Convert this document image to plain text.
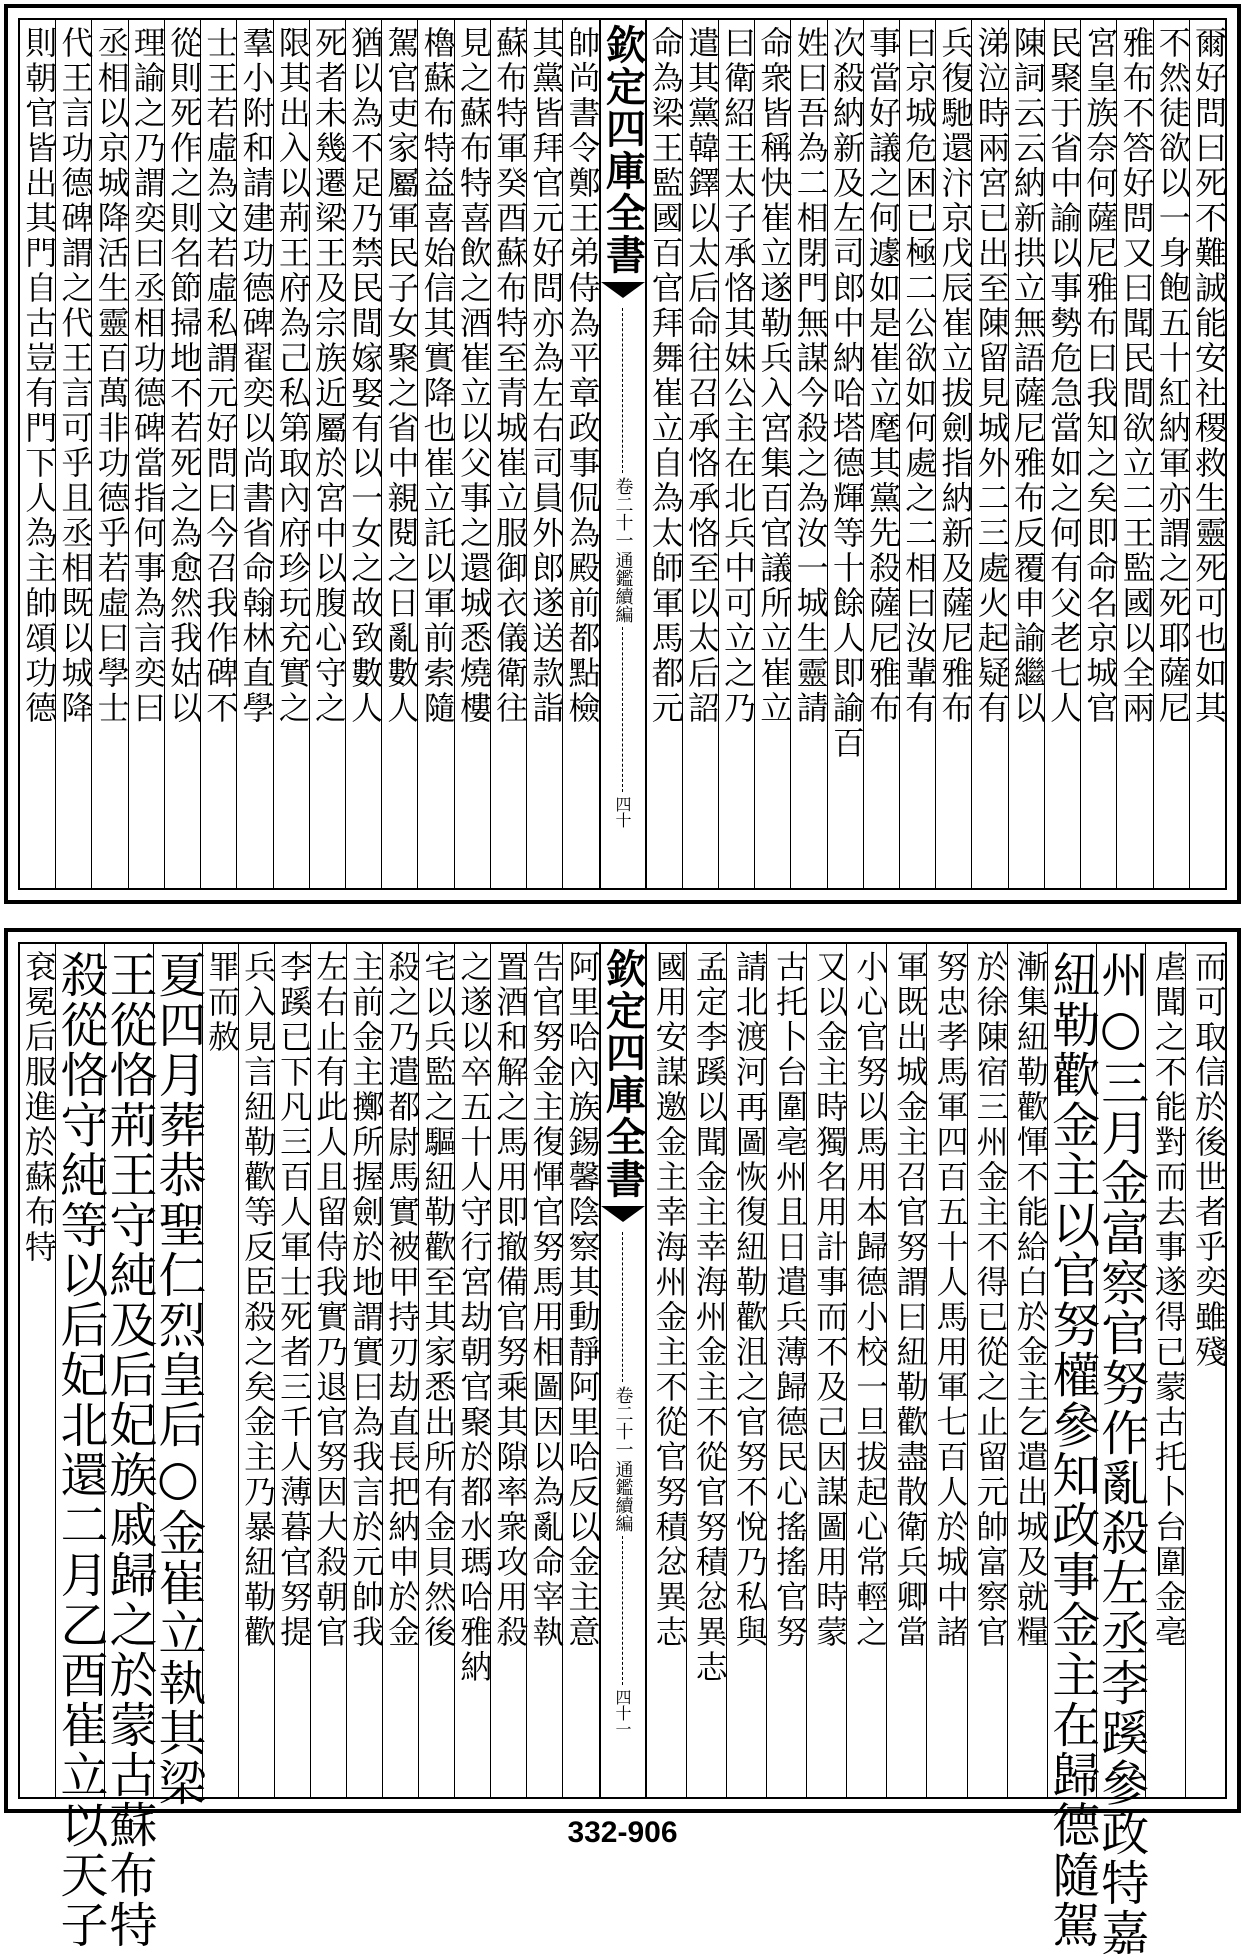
爾好問曰死不難誠能安社稷救生靈死可也如其
不然徒欲以一身飽五十紅納軍亦謂之死耶薩尼
雅布不答好問又曰聞民間欲立二王監國以全兩
宮皇族奈何薩尼雅布曰我知之矣即命名京城官
民聚于省中諭以事勢危急當如之何有父老七人
陳詞云云納新拱立無語薩尼雅布反覆申諭繼以
涕泣時兩宮已出至陳留見城外二三處火起疑有
兵復馳還汴京戊辰崔立拔劍指納新及薩尼雅布
曰京城危困已極二公欲如何處之二相曰汝輩有
事當好議之何遽如是崔立麾其黨先殺薩尼雅布
次殺納新及左司郎中納哈塔德輝等十餘人即諭百
姓曰吾為二相閉門無謀今殺之為汝一城生靈請
命衆皆稱快崔立遂勒兵入宮集百官議所立崔立
曰衛紹王太子承恪其妹公主在北兵中可立之乃
遣其黨韓鐸以太后命往召承恪承恪至以太后詔
命為梁王監國百官拜舞崔立自為太師軍馬都元
欽定四庫全書
通鑑續編
卷二十一
四十
帥尚書令鄭王弟侍為平章政事侃為殿前都點檢
其黨皆拜官元好問亦為左右司員外郎遂送款詣
蘇布特軍癸酉蘇布特至青城崔立服御衣儀衛往
見之蘇布特喜飲之酒崔立以父事之還城悉燒樓
櫓蘇布特益喜始信其實降也崔立託以軍前索隨
駕官吏家屬軍民子女聚之省中親閱之日亂數人
猶以為不足乃禁民間嫁娶有以一女之故致數人
死者未幾遷梁王及宗族近屬於宮中以腹心守之
限其出入以荊王府為己私第取內府珍玩充實之
羣小附和請建功德碑翟奕以尚書省命翰林直學
士王若虛為文若虛私謂元好問曰今召我作碑不
從則死作之則名節掃地不若死之為愈然我姑以
理諭之乃謂奕曰丞相功德碑當指何事為言奕曰
丞相以京城降活生靈百萬非功德乎若虛曰學士
代王言功德碑謂之代王言可乎且丞相既以城降
則朝官皆出其門自古豈有門下人為主帥頌功德
而可取信於後世者乎奕雖殘
虐聞之不能對而去事遂得已蒙古托卜台圍金亳
州○三月金富察官努作亂殺左丞李蹊參政特嘉
紐勒歡金主以官努權參知政事金主在歸德隨駕
漸集紐勒歡惲不能給白於金主乞遣出城及就糧
於徐陳宿三州金主不得已從之止留元帥富察官
努忠孝馬軍四百五十人馬用軍七百人於城中諸
軍既出城金主召官努謂曰紐勒歡盡散衛兵卿當
小心官努以馬用本歸德小校一旦拔起心常輕之
又以金主時獨名用計事而不及己因謀圖用時蒙
古托卜台圍亳州且日遣兵薄歸德民心搖搖官努
請北渡河再圖恢復紐勒歡沮之官努不悅乃私與
孟定李蹊以聞金主幸海州金主不從官努積忿異志
國用安謀邀金主幸海州金主不從官努積忿異志
欽定四庫全書
通鑑續編
卷二十一
四十一
阿里哈內族錫馨陰察其動靜阿里哈反以金主意
告官努金主復惲官努馬用相圖因以為亂命宰執
置酒和解之馬用即撤備官努乘其隙率衆攻用殺
之遂以卒五十人守行宮劫朝官聚於都水瑪哈雅納
宅以兵監之驅紐勒歡至其家悉出所有金貝然後
殺之乃遣都尉馬實被甲持刃劫直長把納申於金
主前金主擲所握劍於地謂實曰為我言於元帥我
左右止有此人且留侍我實乃退官努因大殺朝官
李蹊已下凡三百人軍士死者三千人薄暮官努提
兵入見言紐勒歡等反臣殺之矣金主乃暴紐勒歡
罪而赦
夏四月葬恭聖仁烈皇后○金崔立執其梁
王從恪荊王守純及后妃族戚歸之於蒙古蘇布特
殺從恪守純等以后妃北還二月乙酉崔立以天子
袞冕后服進於蘇布特
332-906
